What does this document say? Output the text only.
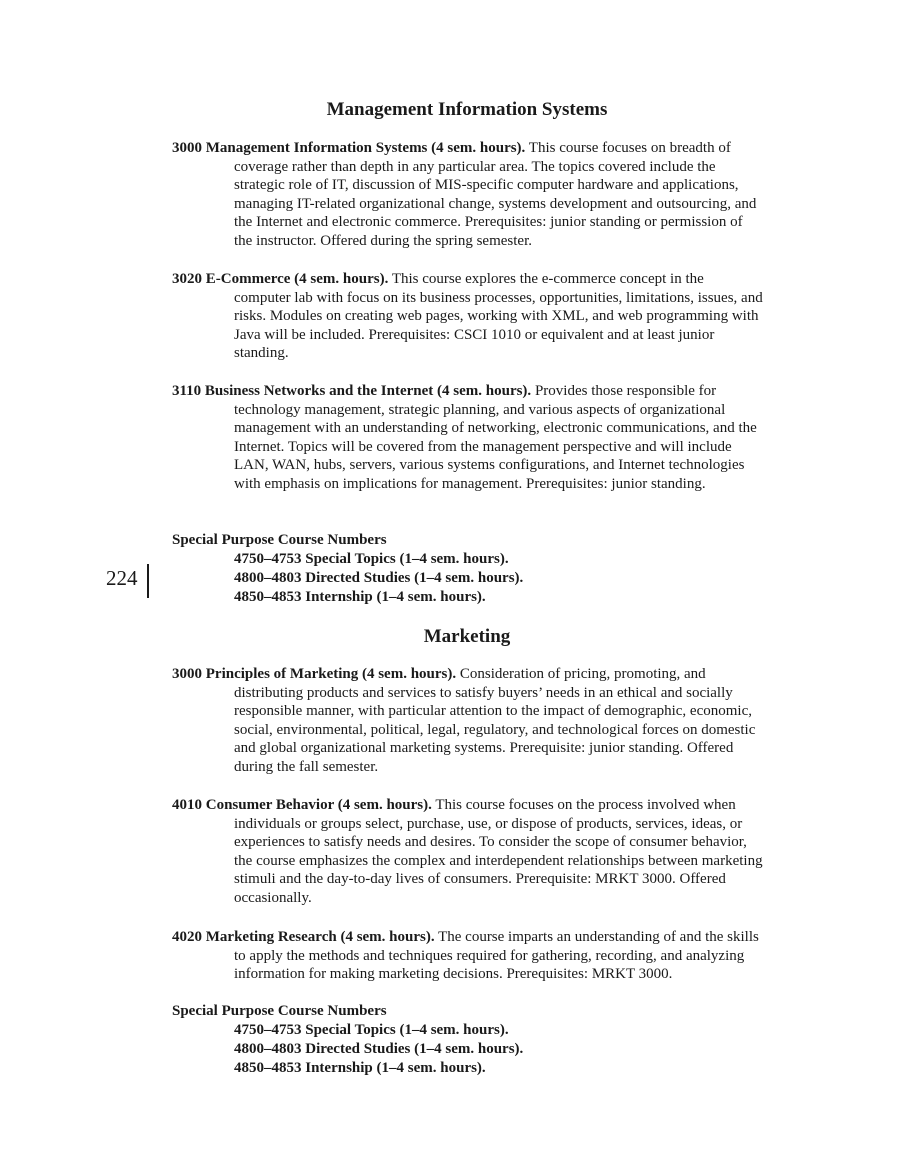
Management Information Systems
3000 Management Information Systems (4 sem. hours). This course focuses on breadth of coverage rather than depth in any particular area. The topics covered include the strategic role of IT, discussion of MIS-specific computer hardware and applications, managing IT-related organizational change, systems development and outsourcing, and the Internet and electronic commerce. Prerequisites: junior standing or permission of the instructor. Offered during the spring semester.
3020 E-Commerce (4 sem. hours). This course explores the e-commerce concept in the computer lab with focus on its business processes, opportunities, limitations, issues, and risks. Modules on creating web pages, working with XML, and web programming with Java will be included. Prerequisites: CSCI 1010 or equivalent and at least junior standing.
3110 Business Networks and the Internet (4 sem. hours). Provides those responsible for technology management, strategic planning, and various aspects of organizational management with an understanding of networking, electronic communications, and the Internet. Topics will be covered from the management perspective and will include LAN, WAN, hubs, servers, various systems configurations, and Internet technologies with emphasis on implications for management. Prerequisites: junior standing.
Special Purpose Course Numbers
4750–4753 Special Topics (1–4 sem. hours).
4800–4803 Directed Studies (1–4 sem. hours).
4850–4853 Internship (1–4 sem. hours).
224
Marketing
3000 Principles of Marketing (4 sem. hours). Consideration of pricing, promoting, and distributing products and services to satisfy buyers’ needs in an ethical and socially responsible manner, with particular attention to the impact of demographic, economic, social, environmental, political, legal, regulatory, and technological forces on domestic and global organizational marketing systems. Prerequisite: junior standing. Offered during the fall semester.
4010 Consumer Behavior (4 sem. hours). This course focuses on the process involved when individuals or groups select, purchase, use, or dispose of products, services, ideas, or experiences to satisfy needs and desires. To consider the scope of consumer behavior, the course emphasizes the complex and interdependent relationships between marketing stimuli and the day-to-day lives of consumers. Prerequisite: MRKT 3000. Offered occasionally.
4020 Marketing Research (4 sem. hours). The course imparts an understanding of and the skills to apply the methods and techniques required for gathering, recording, and analyzing information for making marketing decisions. Prerequisites: MRKT 3000.
Special Purpose Course Numbers
4750–4753 Special Topics (1–4 sem. hours).
4800–4803 Directed Studies (1–4 sem. hours).
4850–4853 Internship (1–4 sem. hours).
